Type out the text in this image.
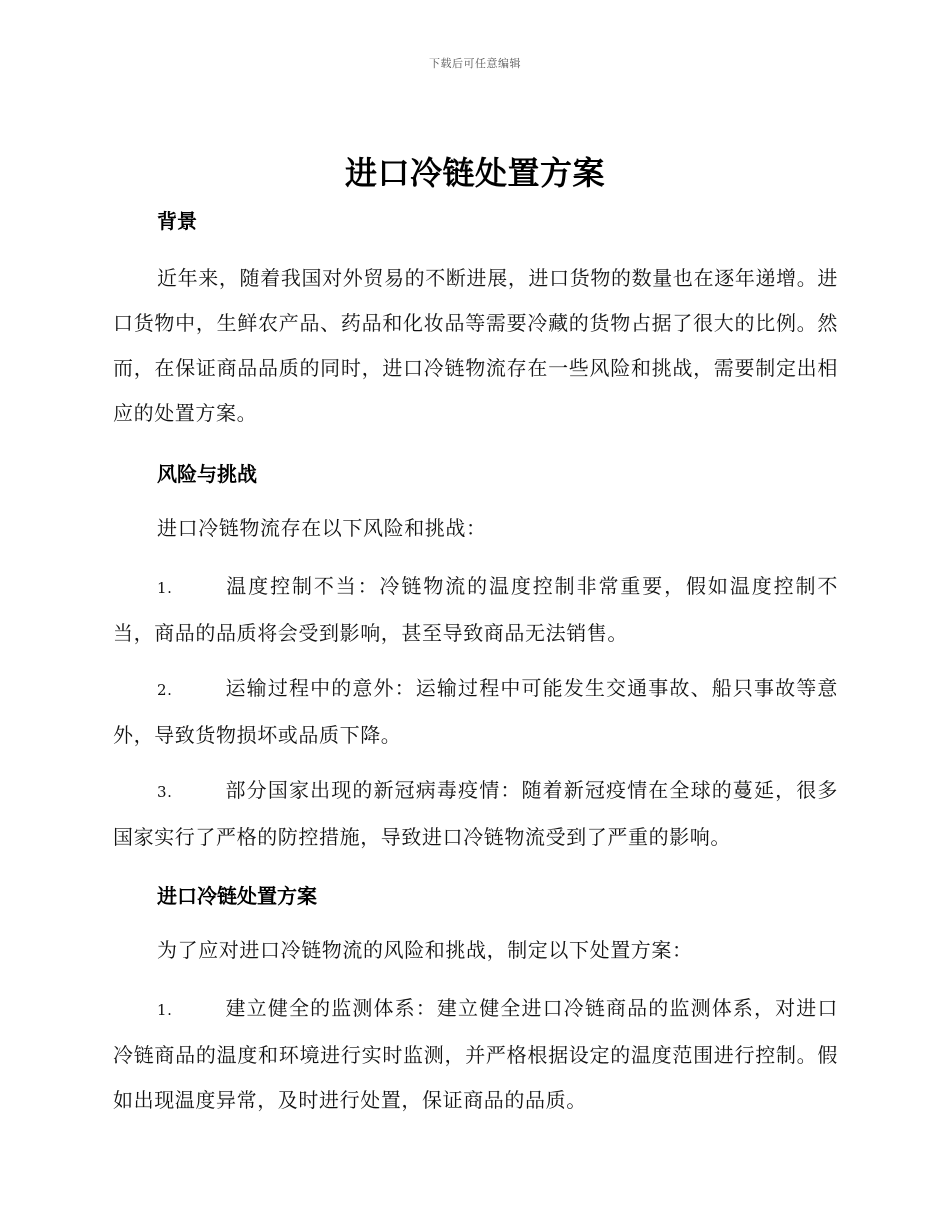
下载后可任意编辑
进口冷链处置方案
背景

近年来，随着我国对外贸易的不断进展，进口货物的数量也在逐年递增。进口货物中，生鲜农产品、药品和化妆品等需要冷藏的货物占据了很大的比例。然而，在保证商品品质的同时，进口冷链物流存在一些风险和挑战，需要制定出相应的处置方案。

风险与挑战

进口冷链物流存在以下风险和挑战：

1.	温度控制不当：冷链物流的温度控制非常重要，假如温度控制不当，商品的品质将会受到影响，甚至导致商品无法销售。

2.	运输过程中的意外：运输过程中可能发生交通事故、船只事故等意外，导致货物损坏或品质下降。

3.	部分国家出现的新冠病毒疫情：随着新冠疫情在全球的蔓延，很多国家实行了严格的防控措施，导致进口冷链物流受到了严重的影响。

进口冷链处置方案

为了应对进口冷链物流的风险和挑战，制定以下处置方案：

1.	建立健全的监测体系：建立健全进口冷链商品的监测体系，对进口冷链商品的温度和环境进行实时监测，并严格根据设定的温度范围进行控制。假如出现温度异常，及时进行处置，保证商品的品质。
